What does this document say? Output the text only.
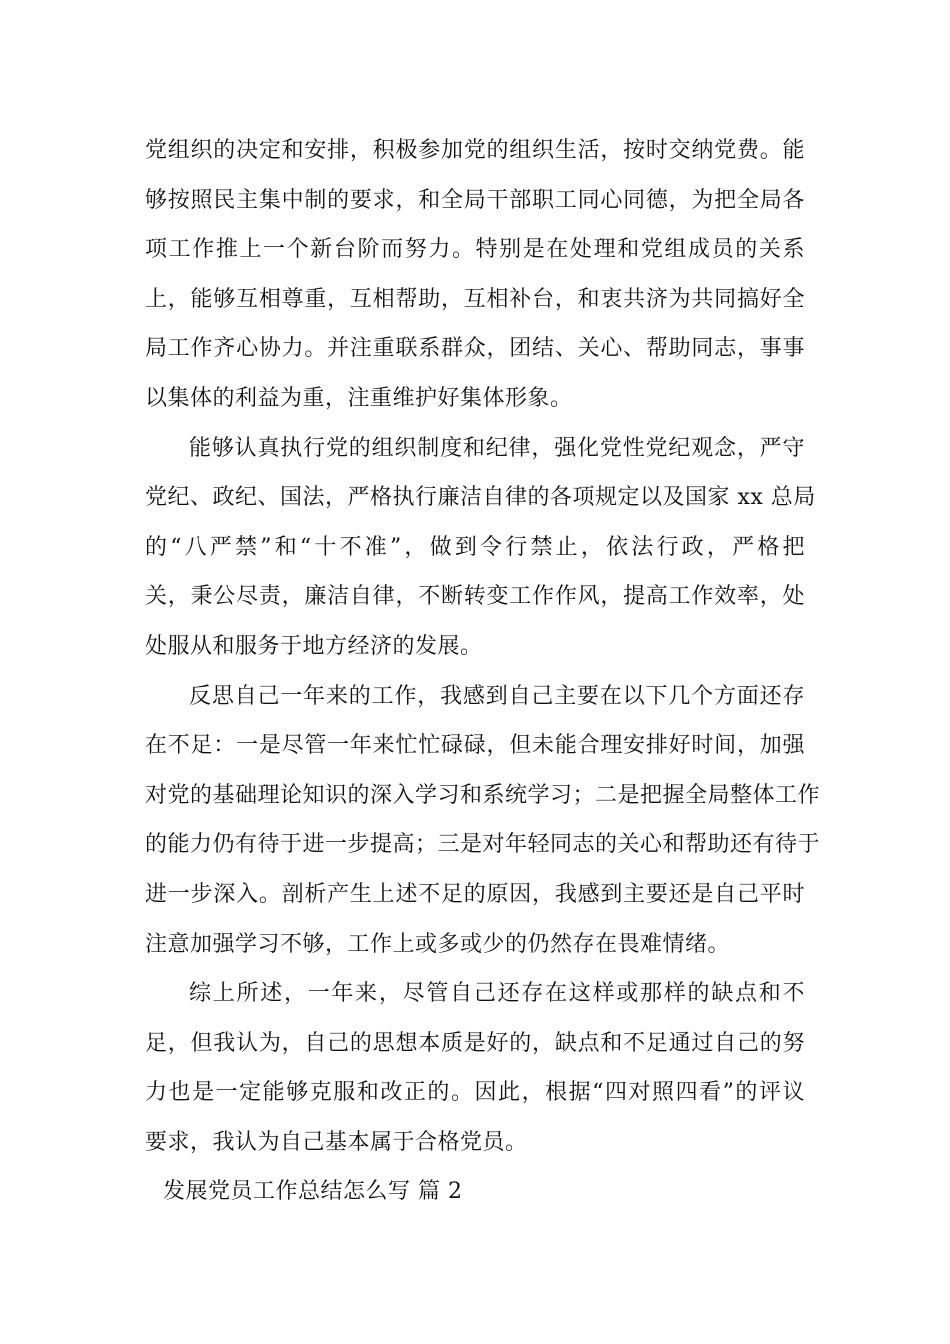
党组织的决定和安排，积极参加党的组织生活，按时交纳党费。能
够按照民主集中制的要求，和全局干部职工同心同德，为把全局各
项工作推上一个新台阶而努力。特别是在处理和党组成员的关系
上，能够互相尊重，互相帮助，互相补台，和衷共济为共同搞好全
局工作齐心协力。并注重联系群众，团结、关心、帮助同志，事事
以集体的利益为重，注重维护好集体形象。
能够认真执行党的组织制度和纪律，强化党性党纪观念，严守
党纪、政纪、国法，严格执行廉洁自律的各项规定以及国家 xx 总局
的“八严禁”和“十不准”，做到令行禁止，依法行政，严格把
关，秉公尽责，廉洁自律，不断转变工作作风，提高工作效率，处
处服从和服务于地方经济的发展。
反思自己一年来的工作，我感到自己主要在以下几个方面还存
在不足：一是尽管一年来忙忙碌碌，但未能合理安排好时间，加强
对党的基础理论知识的深入学习和系统学习；二是把握全局整体工作
的能力仍有待于进一步提高；三是对年轻同志的关心和帮助还有待于
进一步深入。剖析产生上述不足的原因，我感到主要还是自己平时
注意加强学习不够，工作上或多或少的仍然存在畏难情绪。
综上所述，一年来，尽管自己还存在这样或那样的缺点和不
足，但我认为，自己的思想本质是好的，缺点和不足通过自己的努
力也是一定能够克服和改正的。因此，根据“四对照四看”的评议
要求，我认为自己基本属于合格党员。
发展党员工作总结怎么写 篇 2
